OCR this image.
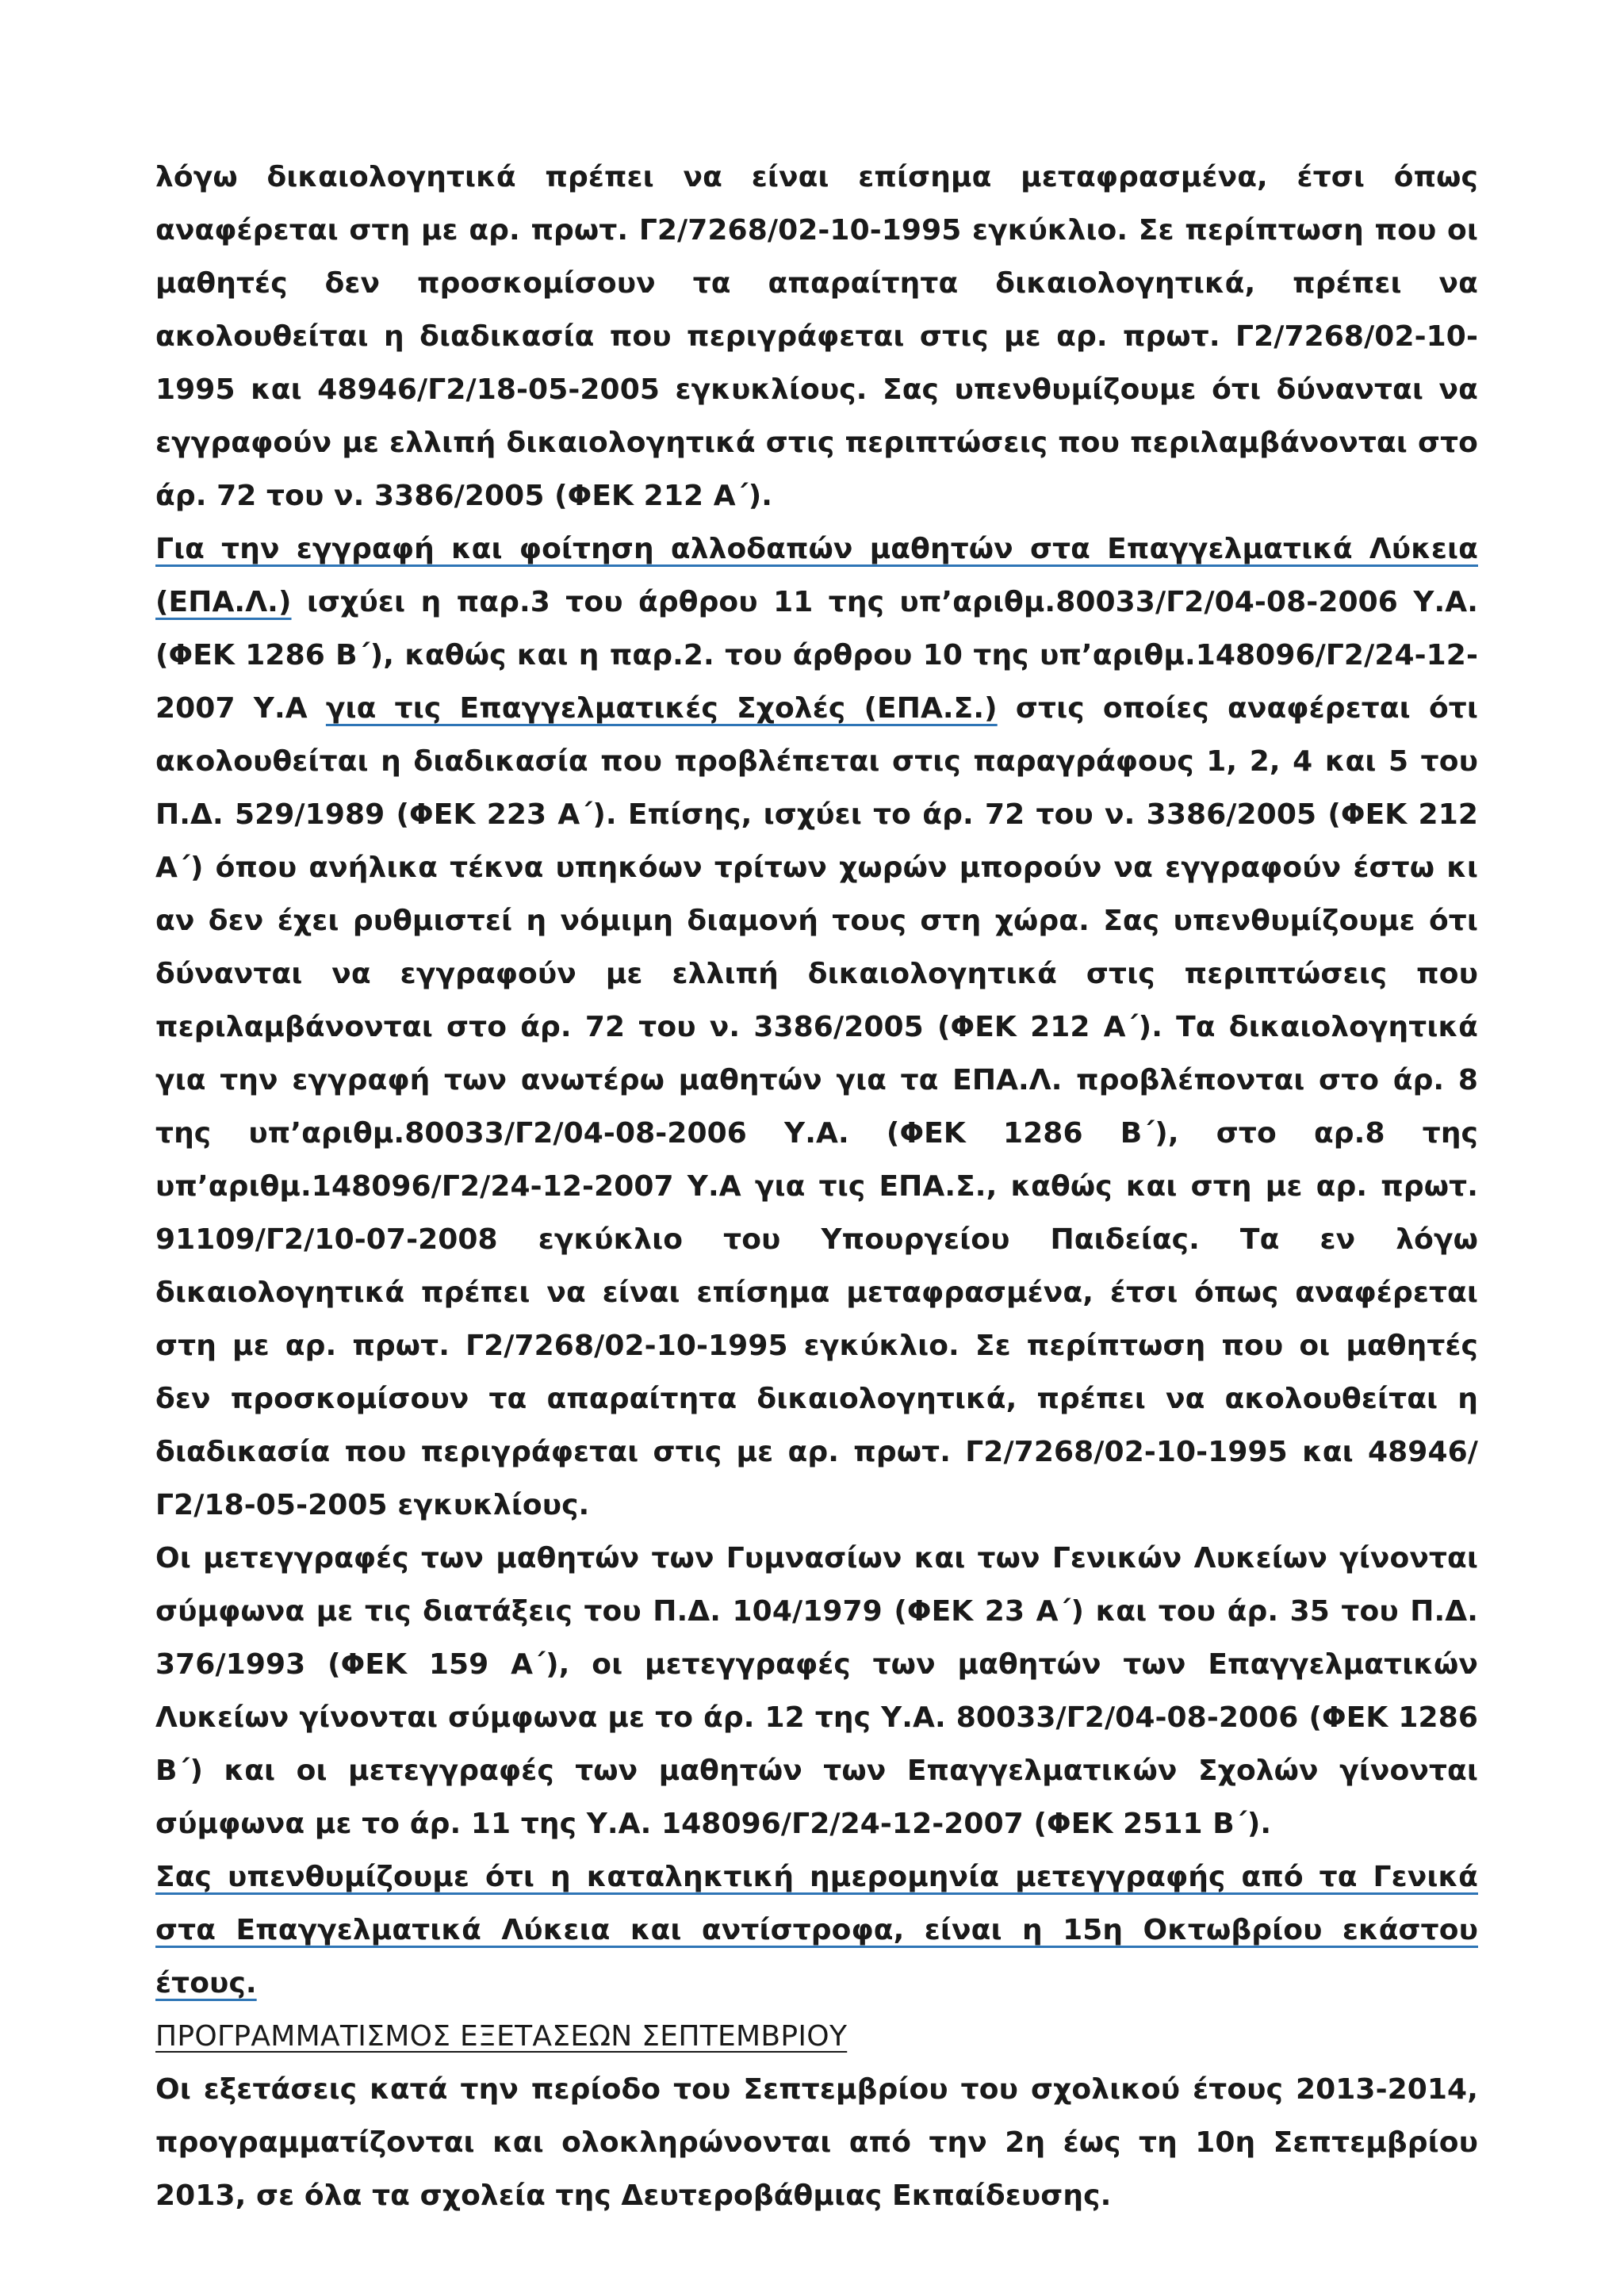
λόγω δικαιολογητικά πρέπει να είναι επίσημα μεταφρασμένα, έτσι όπως αναφέρεται στη με αρ. πρωτ. Γ2/7268/02-10-1995 εγκύκλιο. Σε περίπτωση που οι μαθητές δεν προσκομίσουν τα απαραίτητα δικαιολογητικά, πρέπει να ακολουθείται η διαδικασία που περιγράφεται στις με αρ. πρωτ. Γ2/7268/02-10-1995 και 48946/Γ2/18-05-2005 εγκυκλίους. Σας υπενθυμίζουμε ότι δύνανται να εγγραφούν με ελλιπή δικαιολογητικά στις περιπτώσεις που περιλαμβάνονται στο άρ. 72 του ν. 3386/2005 (ΦΕΚ 212 Α΄).

Για την εγγραφή και φοίτηση αλλοδαπών μαθητών στα Επαγγελματικά Λύκεια (ΕΠΑ.Λ.) ισχύει η παρ.3 του άρθρου 11 της υπ’αριθμ.80033/Γ2/04-08-2006 Υ.Α. (ΦΕΚ 1286 Β΄), καθώς και η παρ.2. του άρθρου 10 της υπ’αριθμ.148096/Γ2/24-12-2007 Υ.Α για τις Επαγγελματικές Σχολές (ΕΠΑ.Σ.) στις οποίες αναφέρεται ότι ακολουθείται η διαδικασία που προβλέπεται στις παραγράφους 1, 2, 4 και 5 του Π.Δ. 529/1989 (ΦΕΚ 223 Α΄). Επίσης, ισχύει το άρ. 72 του ν. 3386/2005 (ΦΕΚ 212 Α΄) όπου ανήλικα τέκνα υπηκόων τρίτων χωρών μπορούν να εγγραφούν έστω κι αν δεν έχει ρυθμιστεί η νόμιμη διαμονή τους στη χώρα. Σας υπενθυμίζουμε ότι δύνανται να εγγραφούν με ελλιπή δικαιολογητικά στις περιπτώσεις που περιλαμβάνονται στο άρ. 72 του ν. 3386/2005 (ΦΕΚ 212 Α΄). Τα δικαιολογητικά για την εγγραφή των ανωτέρω μαθητών για τα ΕΠΑ.Λ. προβλέπονται στο άρ. 8 της υπ’αριθμ.80033/Γ2/04-08-2006 Υ.Α. (ΦΕΚ 1286 Β΄), στο αρ.8 της υπ’αριθμ.148096/Γ2/24-12-2007 Υ.Α για τις ΕΠΑ.Σ., καθώς και στη με αρ. πρωτ. 91109/Γ2/10-07-2008 εγκύκλιο του Υπουργείου Παιδείας. Τα εν λόγω δικαιολογητικά πρέπει να είναι επίσημα μεταφρασμένα, έτσι όπως αναφέρεται στη με αρ. πρωτ. Γ2/7268/02-10-1995 εγκύκλιο. Σε περίπτωση που οι μαθητές δεν προσκομίσουν τα απαραίτητα δικαιολογητικά, πρέπει να ακολουθείται η διαδικασία που περιγράφεται στις με αρ. πρωτ. Γ2/7268/02-10-1995 και 48946/Γ2/18-05-2005 εγκυκλίους.

Οι μετεγγραφές των μαθητών των Γυμνασίων και των Γενικών Λυκείων γίνονται σύμφωνα με τις διατάξεις του Π.Δ. 104/1979 (ΦΕΚ 23 Α΄) και του άρ. 35 του Π.Δ. 376/1993 (ΦΕΚ 159 Α΄), οι μετεγγραφές των μαθητών των Επαγγελματικών Λυκείων γίνονται σύμφωνα με το άρ. 12 της Υ.Α. 80033/Γ2/04-08-2006 (ΦΕΚ 1286 Β΄) και οι μετεγγραφές των μαθητών των Επαγγελματικών Σχολών γίνονται σύμφωνα με το άρ. 11 της Υ.Α. 148096/Γ2/24-12-2007 (ΦΕΚ 2511 Β΄).

Σας υπενθυμίζουμε ότι η καταληκτική ημερομηνία μετεγγραφής από τα Γενικά στα Επαγγελματικά Λύκεια και αντίστροφα, είναι η 15η Οκτωβρίου εκάστου έτους.

ΠΡΟΓΡΑΜΜΑΤΙΣΜΟΣ ΕΞΕΤΑΣΕΩΝ ΣΕΠΤΕΜΒΡΙΟΥ

Οι εξετάσεις κατά την περίοδο του Σεπτεμβρίου του σχολικού έτους 2013-2014, προγραμματίζονται και ολοκληρώνονται από την 2η έως τη 10η Σεπτεμβρίου 2013, σε όλα τα σχολεία της Δευτεροβάθμιας Εκπαίδευσης.
